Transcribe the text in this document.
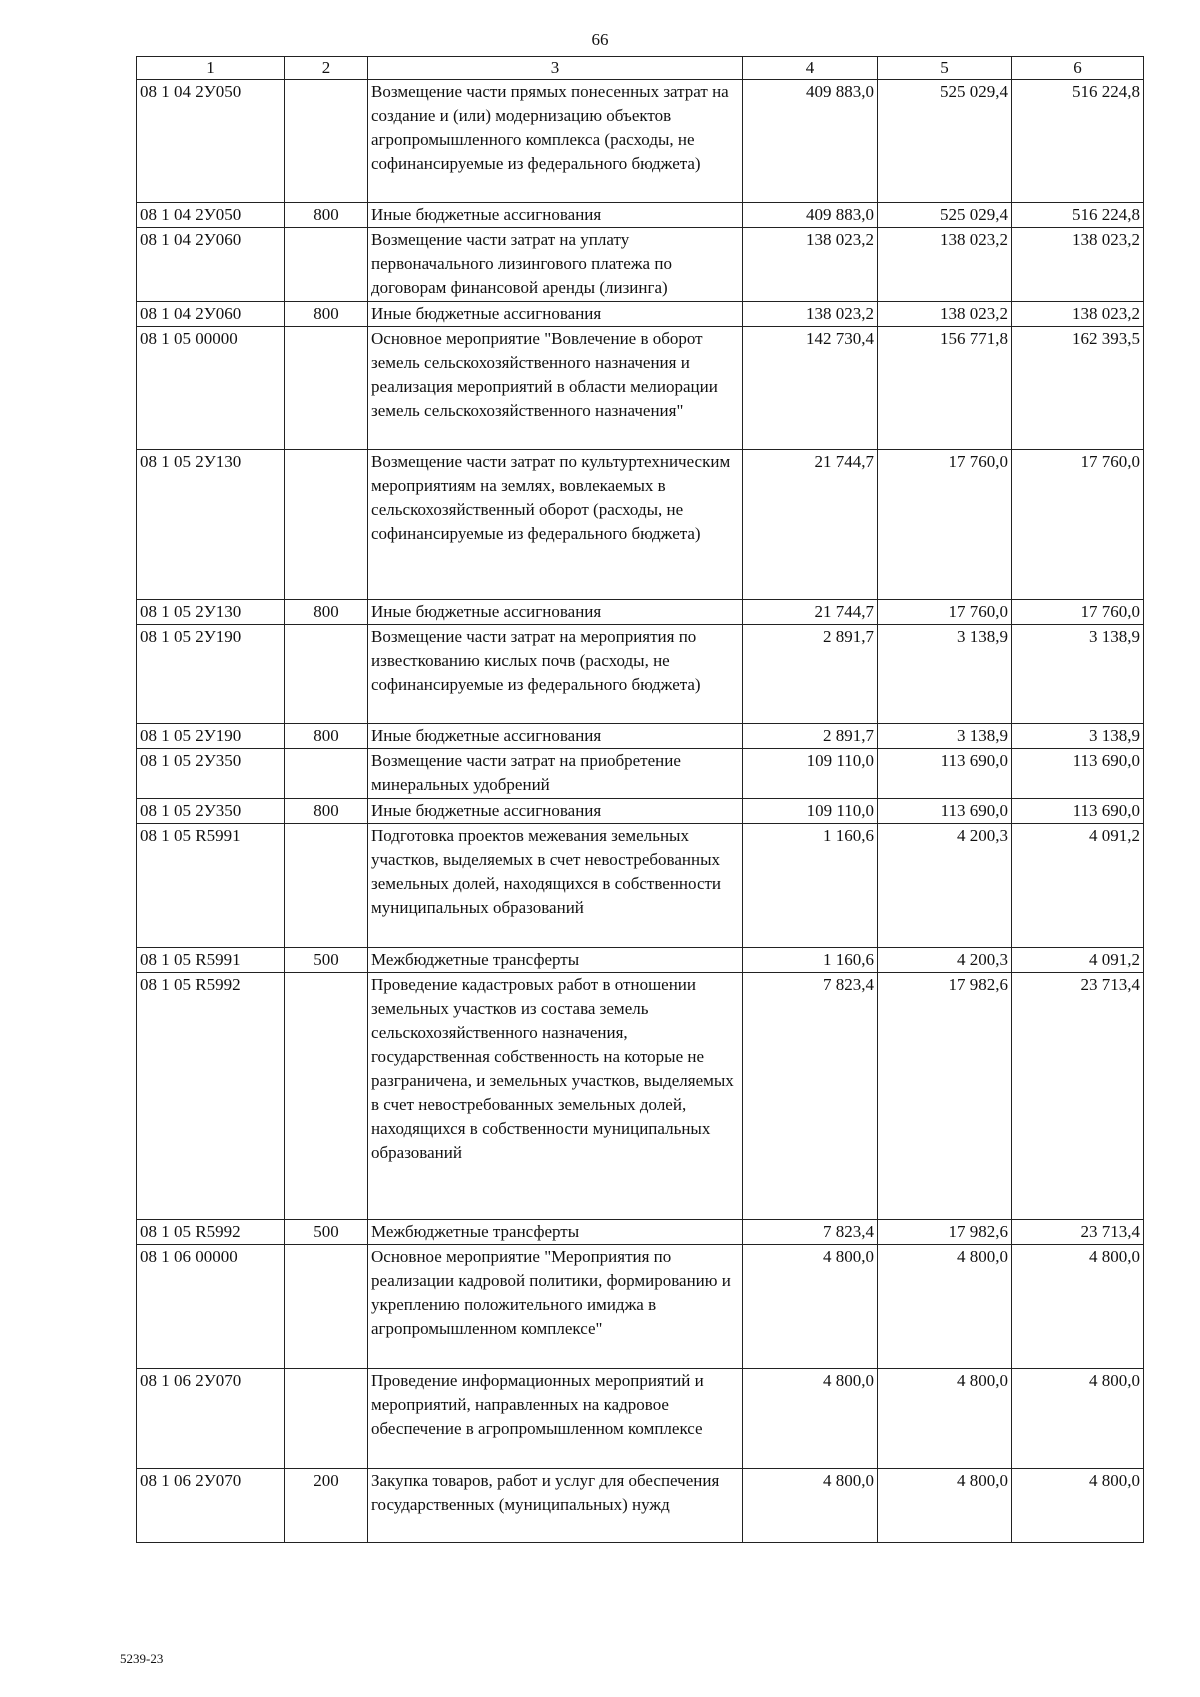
66
1	2	3	4	5	6
08 1 04 2У050		Возмещение части прямых понесенных затрат на создание и (или) модернизацию объектов агропромышленного комплекса (расходы, не софинансируемые из федерального бюджета)	409 883,0	525 029,4	516 224,8
08 1 04 2У050	800	Иные бюджетные ассигнования	409 883,0	525 029,4	516 224,8
08 1 04 2У060		Возмещение части затрат на уплату первоначального лизингового платежа по договорам финансовой аренды (лизинга)	138 023,2	138 023,2	138 023,2
08 1 04 2У060	800	Иные бюджетные ассигнования	138 023,2	138 023,2	138 023,2
08 1 05 00000		Основное мероприятие "Вовлечение в оборот земель сельскохозяйственного назначения и реализация мероприятий в области мелиорации земель сельскохозяйственного назначения"	142 730,4	156 771,8	162 393,5
08 1 05 2У130		Возмещение части затрат по культуртехническим мероприятиям на землях, вовлекаемых в сельскохозяйственный оборот (расходы, не софинансируемые из федерального бюджета)	21 744,7	17 760,0	17 760,0
08 1 05 2У130	800	Иные бюджетные ассигнования	21 744,7	17 760,0	17 760,0
08 1 05 2У190		Возмещение части затрат на мероприятия по известкованию кислых почв (расходы, не софинансируемые из федерального бюджета)	2 891,7	3 138,9	3 138,9
08 1 05 2У190	800	Иные бюджетные ассигнования	2 891,7	3 138,9	3 138,9
08 1 05 2У350		Возмещение части затрат на приобретение минеральных удобрений	109 110,0	113 690,0	113 690,0
08 1 05 2У350	800	Иные бюджетные ассигнования	109 110,0	113 690,0	113 690,0
08 1 05 R5991		Подготовка проектов межевания земельных участков, выделяемых в счет невостребованных земельных долей, находящихся в собственности муниципальных образований	1 160,6	4 200,3	4 091,2
08 1 05 R5991	500	Межбюджетные трансферты	1 160,6	4 200,3	4 091,2
08 1 05 R5992		Проведение кадастровых работ в отношении земельных участков из состава земель сельскохозяйственного назначения, государственная собственность на которые не разграничена, и земельных участков, выделяемых в счет невостребованных земельных долей, находящихся в собственности муниципальных образований	7 823,4	17 982,6	23 713,4
08 1 05 R5992	500	Межбюджетные трансферты	7 823,4	17 982,6	23 713,4
08 1 06 00000		Основное мероприятие "Мероприятия по реализации кадровой политики, формированию и укреплению положительного имиджа в агропромышленном комплексе"	4 800,0	4 800,0	4 800,0
08 1 06 2У070		Проведение информационных мероприятий и мероприятий, направленных на кадровое обеспечение в агропромышленном комплексе	4 800,0	4 800,0	4 800,0
08 1 06 2У070	200	Закупка товаров, работ и услуг для обеспечения государственных (муниципальных) нужд	4 800,0	4 800,0	4 800,0
5239-23
